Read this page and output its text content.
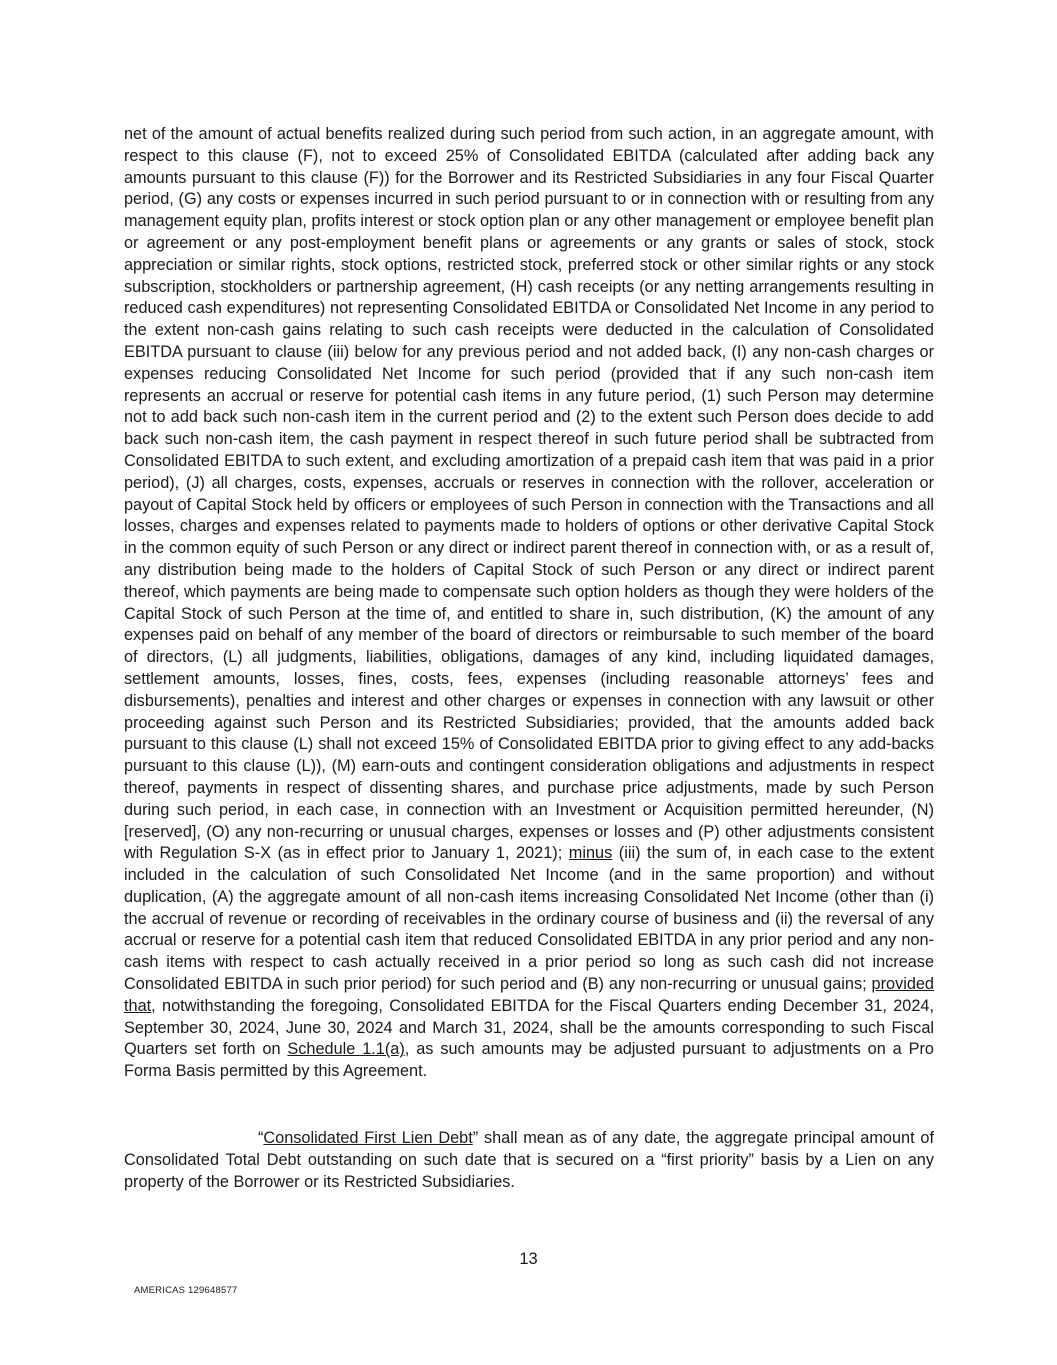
net of the amount of actual benefits realized during such period from such action, in an aggregate amount, with respect to this clause (F), not to exceed 25% of Consolidated EBITDA (calculated after adding back any amounts pursuant to this clause (F)) for the Borrower and its Restricted Subsidiaries in any four Fiscal Quarter period, (G) any costs or expenses incurred in such period pursuant to or in connection with or resulting from any management equity plan, profits interest or stock option plan or any other management or employee benefit plan or agreement or any post-employment benefit plans or agreements or any grants or sales of stock, stock appreciation or similar rights, stock options, restricted stock, preferred stock or other similar rights or any stock subscription, stockholders or partnership agreement, (H) cash receipts (or any netting arrangements resulting in reduced cash expenditures) not representing Consolidated EBITDA or Consolidated Net Income in any period to the extent non-cash gains relating to such cash receipts were deducted in the calculation of Consolidated EBITDA pursuant to clause (iii) below for any previous period and not added back, (I) any non-cash charges or expenses reducing Consolidated Net Income for such period (provided that if any such non-cash item represents an accrual or reserve for potential cash items in any future period, (1) such Person may determine not to add back such non-cash item in the current period and (2) to the extent such Person does decide to add back such non-cash item, the cash payment in respect thereof in such future period shall be subtracted from Consolidated EBITDA to such extent, and excluding amortization of a prepaid cash item that was paid in a prior period), (J) all charges, costs, expenses, accruals or reserves in connection with the rollover, acceleration or payout of Capital Stock held by officers or employees of such Person in connection with the Transactions and all losses, charges and expenses related to payments made to holders of options or other derivative Capital Stock in the common equity of such Person or any direct or indirect parent thereof in connection with, or as a result of, any distribution being made to the holders of Capital Stock of such Person or any direct or indirect parent thereof, which payments are being made to compensate such option holders as though they were holders of the Capital Stock of such Person at the time of, and entitled to share in, such distribution, (K) the amount of any expenses paid on behalf of any member of the board of directors or reimbursable to such member of the board of directors, (L) all judgments, liabilities, obligations, damages of any kind, including liquidated damages, settlement amounts, losses, fines, costs, fees, expenses (including reasonable attorneys’ fees and disbursements), penalties and interest and other charges or expenses in connection with any lawsuit or other proceeding against such Person and its Restricted Subsidiaries; provided, that the amounts added back pursuant to this clause (L) shall not exceed 15% of Consolidated EBITDA prior to giving effect to any add-backs pursuant to this clause (L)), (M) earn-outs and contingent consideration obligations and adjustments in respect thereof, payments in respect of dissenting shares, and purchase price adjustments, made by such Person during such period, in each case, in connection with an Investment or Acquisition permitted hereunder, (N) [reserved], (O) any non-recurring or unusual charges, expenses or losses and (P) other adjustments consistent with Regulation S-X (as in effect prior to January 1, 2021); minus (iii) the sum of, in each case to the extent included in the calculation of such Consolidated Net Income (and in the same proportion) and without duplication, (A) the aggregate amount of all non-cash items increasing Consolidated Net Income (other than (i) the accrual of revenue or recording of receivables in the ordinary course of business and (ii) the reversal of any accrual or reserve for a potential cash item that reduced Consolidated EBITDA in any prior period and any non-cash items with respect to cash actually received in a prior period so long as such cash did not increase Consolidated EBITDA in such prior period) for such period and (B) any non-recurring or unusual gains; provided that, notwithstanding the foregoing, Consolidated EBITDA for the Fiscal Quarters ending December 31, 2024, September 30, 2024, June 30, 2024 and March 31, 2024, shall be the amounts corresponding to such Fiscal Quarters set forth on Schedule 1.1(a), as such amounts may be adjusted pursuant to adjustments on a Pro Forma Basis permitted by this Agreement.

“Consolidated First Lien Debt” shall mean as of any date, the aggregate principal amount of Consolidated Total Debt outstanding on such date that is secured on a “first priority” basis by a Lien on any property of the Borrower or its Restricted Subsidiaries.

13
AMERICAS 129648577
